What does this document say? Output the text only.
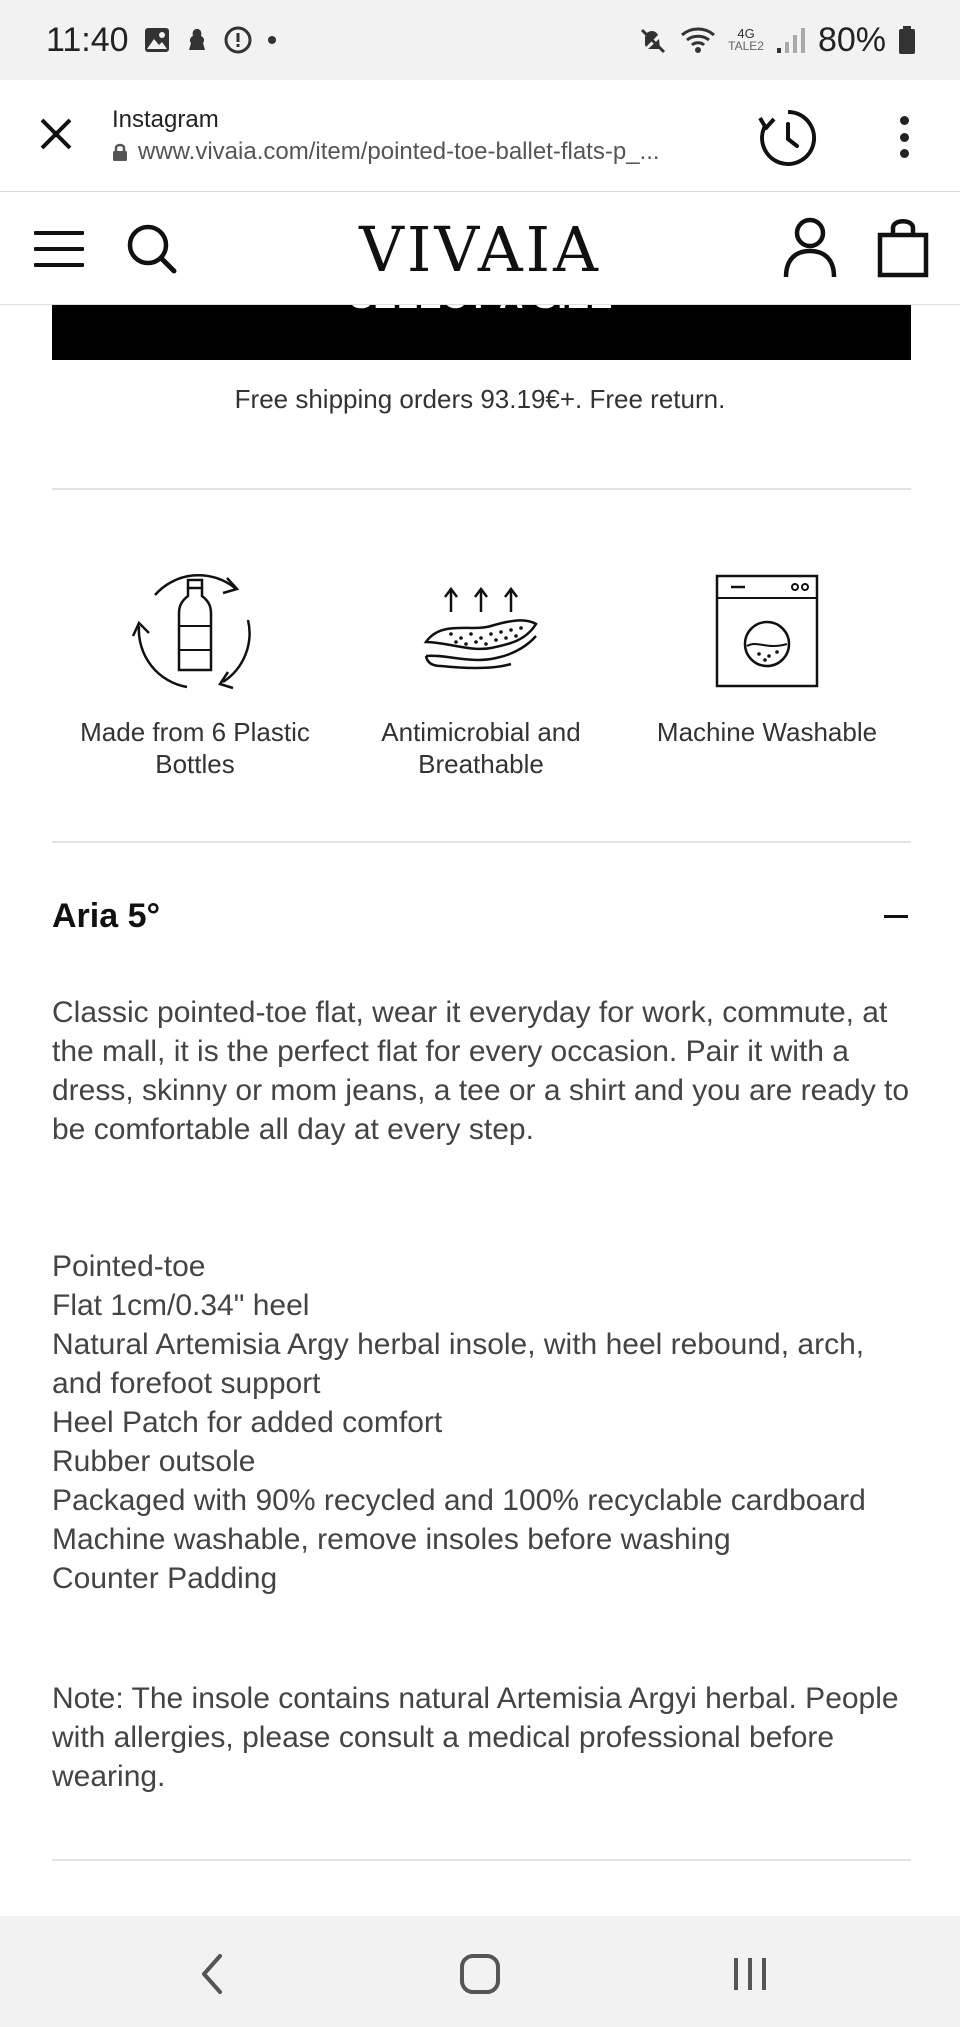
11:40	4G
TALE2 80%
Instagram
www.vivaia.com/item/pointed-toe-ballet-flats-p_...
VIVAIA
Free shipping orders 93.19€+. Free return.
Made from 6 Plastic Bottles
Antimicrobial and Breathable
Machine Washable
Aria 5°

Classic pointed-toe flat, wear it everyday for work, commute, at the mall, it is the perfect flat for every occasion. Pair it with a dress, skinny or mom jeans, a tee or a shirt and you are ready to be comfortable all day at every step.

Pointed-toe
Flat 1cm/0.34" heel
Natural Artemisia Argy herbal insole, with heel rebound, arch, and forefoot support
Heel Patch for added comfort
Rubber outsole
Packaged with 90% recycled and 100% recyclable cardboard
Machine washable, remove insoles before washing
Counter Padding

Note: The insole contains natural Artemisia Argyi herbal. People with allergies, please consult a medical professional before wearing.
